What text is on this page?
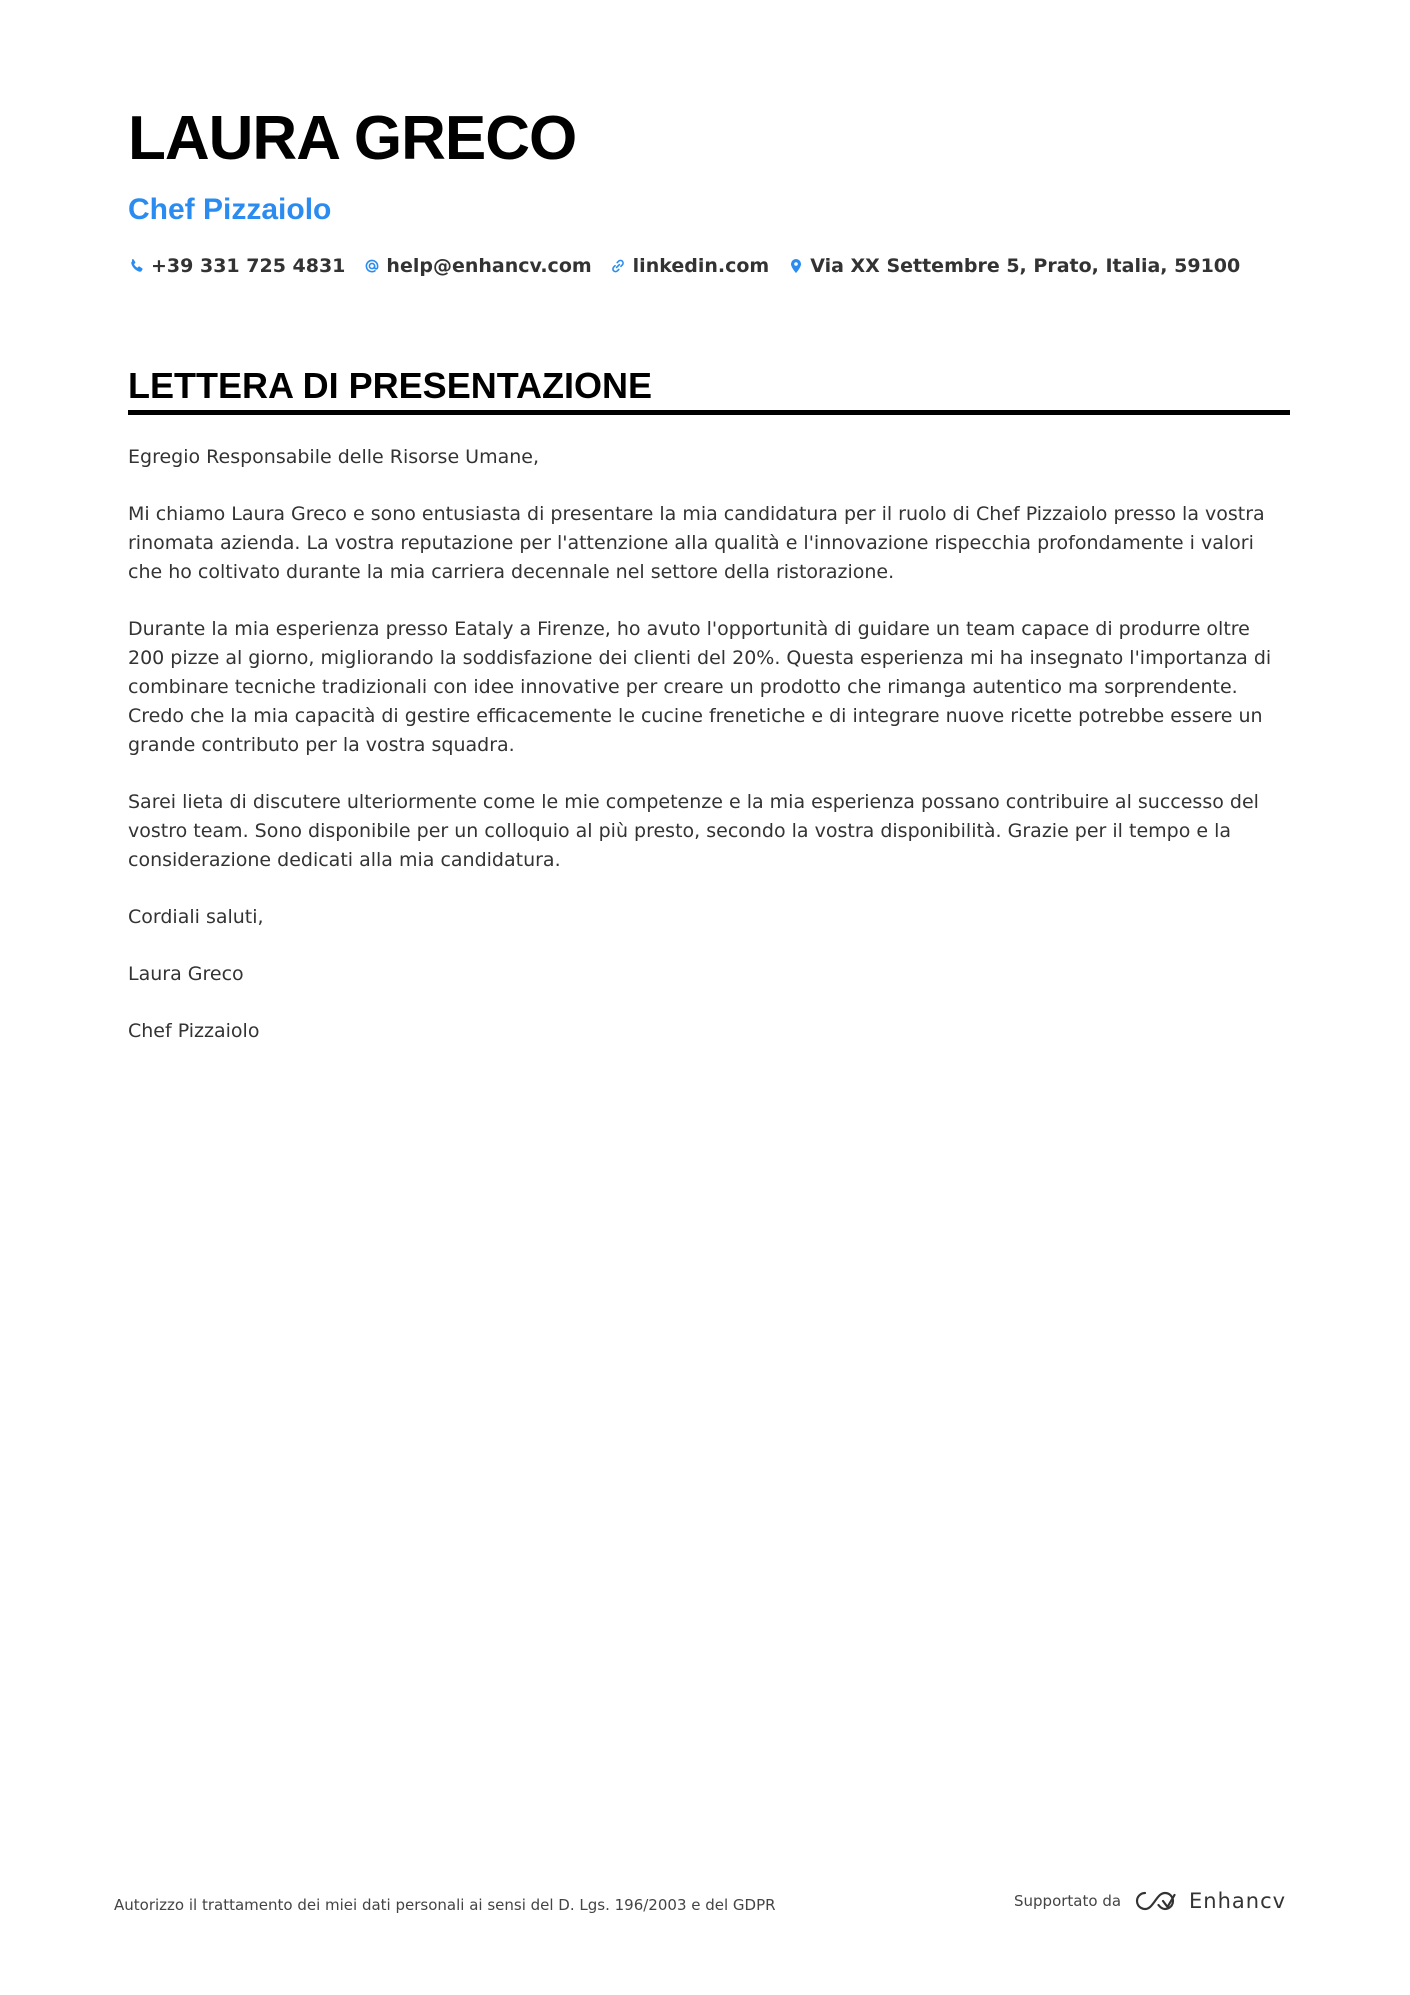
LAURA GRECO
Chef Pizzaiolo
+39 331 725 4831 help@enhancv.com linkedin.com Via XX Settembre 5, Prato, Italia, 59100
LETTERA DI PRESENTAZIONE

Egregio Responsabile delle Risorse Umane,

Mi chiamo Laura Greco e sono entusiasta di presentare la mia candidatura per il ruolo di Chef Pizzaiolo presso la vostra rinomata azienda. La vostra reputazione per l'attenzione alla qualità e l'innovazione rispecchia profondamente i valori che ho coltivato durante la mia carriera decennale nel settore della ristorazione.

Durante la mia esperienza presso Eataly a Firenze, ho avuto l'opportunità di guidare un team capace di produrre oltre 200 pizze al giorno, migliorando la soddisfazione dei clienti del 20%. Questa esperienza mi ha insegnato l'importanza di combinare tecniche tradizionali con idee innovative per creare un prodotto che rimanga autentico ma sorprendente. Credo che la mia capacità di gestire efficacemente le cucine frenetiche e di integrare nuove ricette potrebbe essere un grande contributo per la vostra squadra.

Sarei lieta di discutere ulteriormente come le mie competenze e la mia esperienza possano contribuire al successo del vostro team. Sono disponibile per un colloquio al più presto, secondo la vostra disponibilità. Grazie per il tempo e la considerazione dedicati alla mia candidatura.

Cordiali saluti,

Laura Greco

Chef Pizzaiolo

Autorizzo il trattamento dei miei dati personali ai sensi del D. Lgs. 196/2003 e del GDPR	Supportato da	Enhancv
